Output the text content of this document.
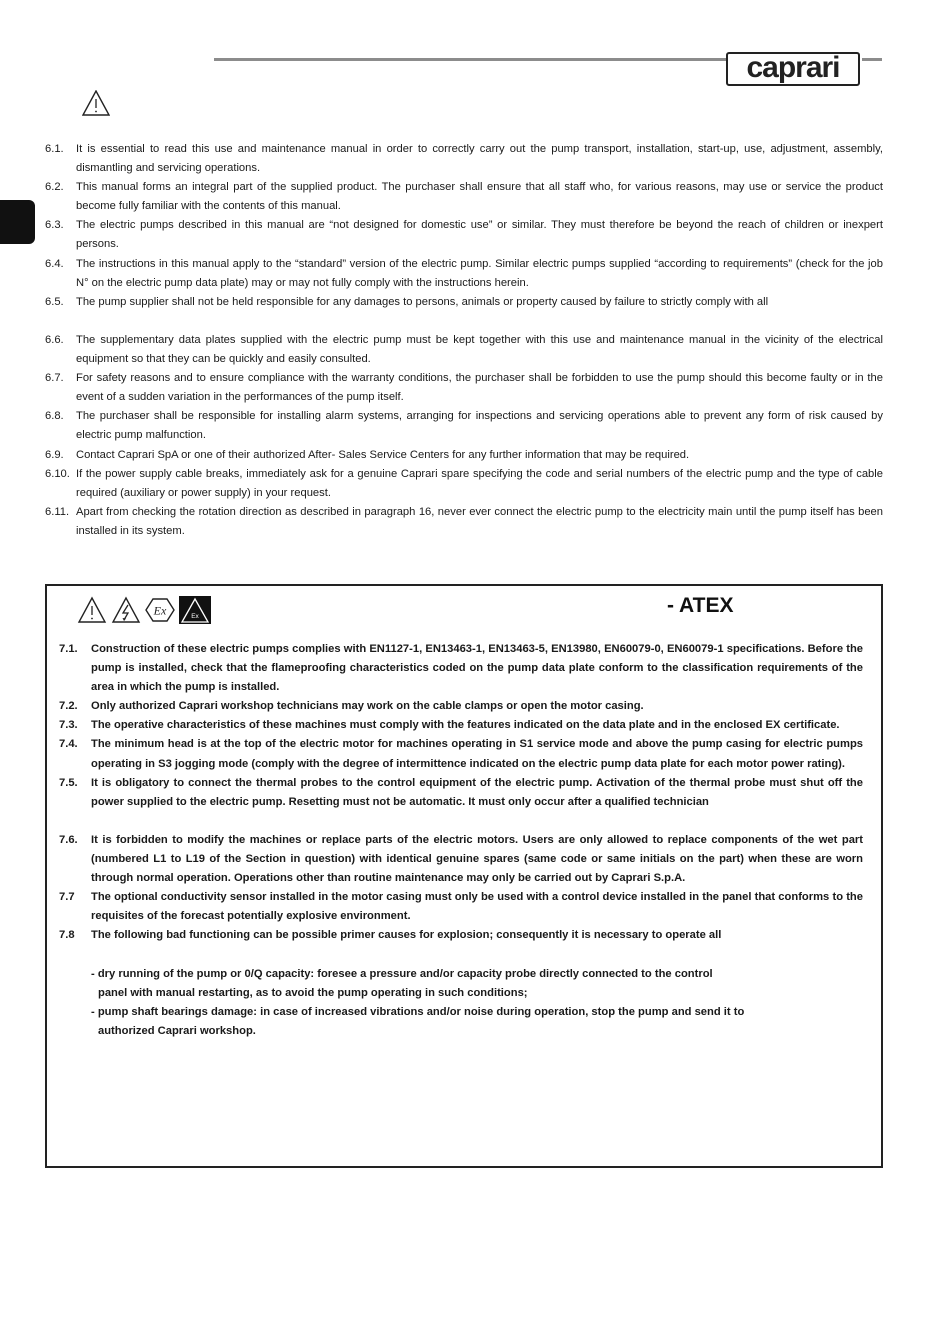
caprari
6.1.	It is essential to read this use and maintenance manual in order to correctly carry out the pump transport, installation, start-up, use, adjustment, assembly, dismantling and servicing operations.
6.2.	This manual forms an integral part of the supplied product. The purchaser shall ensure that all staff who, for various reasons, may use or service the product become fully familiar with the contents of this manual.
6.3.	The electric pumps described in this manual are “not designed for domestic use” or similar. They must therefore be beyond the reach of children or inexpert persons.
6.4.	The instructions in this manual apply to the “standard” version of the electric pump. Similar electric pumps supplied “according to requirements” (check for the job N° on the electric pump data plate) may or may not fully comply with the instructions herein.
6.5.	The pump supplier shall not be held responsible for any damages to persons, animals or property caused by failure to strictly comply with all
6.6.	The supplementary data plates supplied with the electric pump must be kept together with this use and maintenance manual in the vicinity of the electrical equipment so that they can be quickly and easily consulted.
6.7.	For safety reasons and to ensure compliance with the warranty conditions, the purchaser shall be forbidden to use the pump should this become faulty or in the event of a sudden variation in the performances of the pump itself.
6.8.	The purchaser shall be responsible for installing alarm systems, arranging for inspections and servicing operations able to prevent any form of risk caused by electric pump malfunction.
6.9.	Contact Caprari SpA or one of their authorized After- Sales Service Centers for any further information that may be required.
6.10. If the power supply cable breaks, immediately ask for a genuine Caprari spare specifying the code and serial numbers of the electric pump and the type of cable required (auxiliary or power supply) in your request.
6.11. Apart from checking the rotation direction as described in paragraph 16, never ever connect the electric pump to the electricity main until the pump itself has been installed in its system.
Ex	Ex	- ATEX
7.1.	Construction of these electric pumps complies with EN1127-1, EN13463-1, EN13463-5, EN13980, EN60079-0, EN60079-1 specifications. Before the pump is installed, check that the flameproofing characteristics coded on the pump data plate conform to the classification requirements of the area in which the pump is installed.
7.2.	Only authorized Caprari workshop technicians may work on the cable clamps or open the motor casing.
7.3.	The operative characteristics of these machines must comply with the features indicated on the data plate and in the enclosed EX certificate.
7.4.	The minimum head is at the top of the electric motor for machines operating in S1 service mode and above the pump casing for electric pumps operating in S3 jogging mode (comply with the degree of intermittence indicated on the electric pump data plate for each motor power rating).
7.5.	It is obligatory to connect the thermal probes to the control equipment of the electric pump. Activation of the thermal probe must shut off the power supplied to the electric pump. Resetting must not be automatic. It must only occur after a qualified technician
7.6.	It is forbidden to modify the machines or replace parts of the electric motors. Users are only allowed to replace components of the wet part (numbered L1 to L19 of the Section in question) with identical genuine spares (same code or same initials on the part) when these are worn through normal operation. Operations other than routine maintenance may only be carried out by Caprari S.p.A.
7.7	The optional conductivity sensor installed in the motor casing must only be used with a control device installed in the panel that conforms to the requisites of the forecast potentially explosive environment.
7.8	The following bad functioning can be possible primer causes for explosion; consequently it is necessary to operate all
- dry running of the pump or 0/Q capacity: foresee a pressure and/or capacity probe directly connected to the control
panel with manual restarting, as to avoid the pump operating in such conditions;
- pump shaft bearings damage: in case of increased vibrations and/or noise during operation, stop the pump and send it to
authorized Caprari workshop.
